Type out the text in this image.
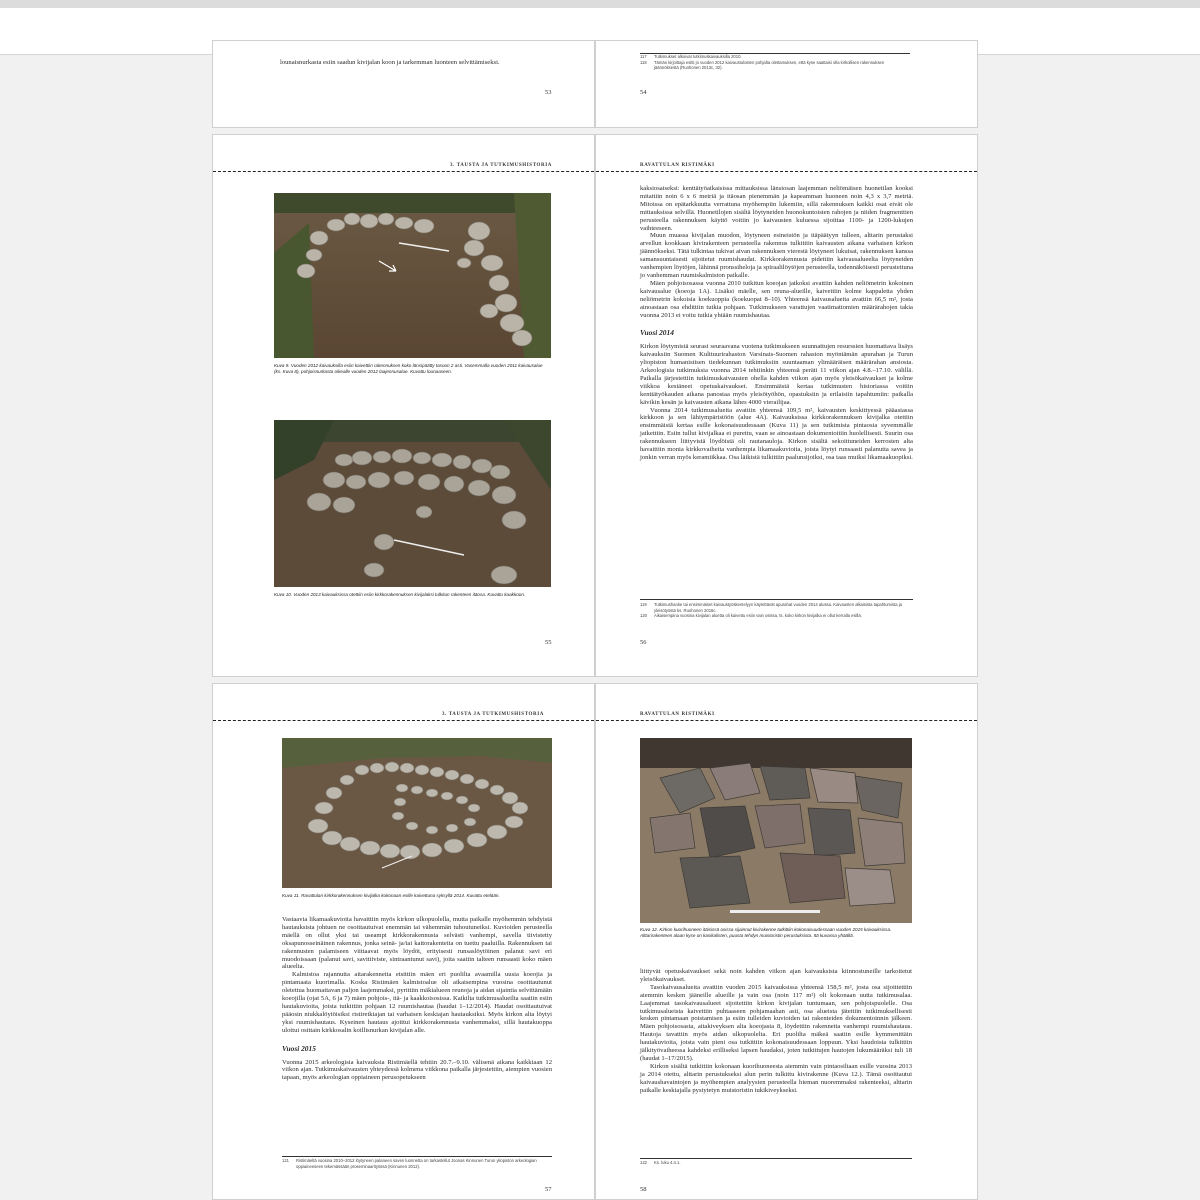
lounaisnurkasta esiin saadun kivijalan koon ja tarkemman luonteen selvittämiseksi.

53
117	Tutkimukset alkoivat tutkimuskaivauksilla 2010.
118	Tämän kirjoittaja esitti jo vuoden 2012 kaivaustulosten pohjalta olettamuksen, että kyse saattaisi olla kirkollisen rakennuksen jäännöksestä (Ruohonen 2013c, 32).
54
3. TAUSTA JA TUTKIMUSHISTORIA
Kuva 9. Vuoden 2012 kaivauksilla esiin kaivettiin rakennuksen koko länsipäätty tasoon 2 asti. Vasemmalla vuoden 2011 kaivausalue (ks. Kuva 8), pohjoisnurkasta oikealle vuoden 2012 laajennusalue. Kuvattu lounaaseen.
Kuva 10. Vuoden 2013 kaivauksissa otettiin esiin kirkkorakennuksen kivijalaksi tulkitun rakenteen itäosa. Kuvattu kaakkoon.
55
RAVATTULAN RISTIMÄKI

kaksiosaiseksi: kenttätyöaikaisissa mittauksissa länsiosan laajemman neliömäisen huonetilan kooksi mitattiin noin 6 x 6 metriä ja itäosan pienemmän ja kapeamman huoneen noin 4,3 x 3,7 metriä. Mitoissa on epätarkkuutta verrattuna myöhempiin lukemiin, sillä rakennuksen kaikki osat eivät ole mittauksissa selvillä. Huonetilojen sisältä löytyneiden huonokuntoisten rahojen ja niiden fragmenttien perusteella rakennuksen käyttö voitiin jo kaivausten kuluessa sijoittaa 1100- ja 1200-lukujen vaihteeseen.

Muun muassa kivijalan muodon, löytyneen esineistön ja itäpäätyyn tulleen, alttarin perustaksi arvellun kookkaan kivirakenteen perusteella rakennus tulkittiin kaivausten aikana varhaisen kirkon jäännökseksi. Tätä tulkintaa tukivat aivan rakennuksen vierestä löytyneet lukuisat, rakennuksen kanssa samansuuntaisesti sijoitetut ruumishaudat. Kirkkorakennusta pidettiin kaivausalueelta löytyneiden vanhempien löytöjen, lähinnä pronssiheloja ja spiraalilöytöjen perusteella, todennäköisesti perustettuna jo vanhemman ruumiskalmiston paikalle.

Mäen pohjoisosassa vuonna 2010 tutkitun koeojan jatkoksi avattiin kahden neliömetrin kokoinen kaivausalue (koeoja 1A). Lisäksi mäelle, sen reuna-alueille, kaivettiin kolme kappaletta yhden neliömetrin kokoisia koekuoppia (koekuopat 8–10). Yhteensä kaivausalueita avattiin 66,5 m², josta ainoastaan osa ehdittiin tutkia pohjaan. Tutkimukseen varattujen vaatimattomien määrärahojen takia vuonna 2013 ei voitu tutkia yhtään ruumishautaa.

Vuosi 2014

Kirkon löytymistä seurasi seuraavana vuotena tutkimukseen suunnattujen resurssien huomattava lisäys kaivauksiin Suomen Kulttuurirahaston Varsinais-Suomen rahaston myöntämän apurahan ja Turun yliopiston humanistisen tiedekunnan tutkimuksiin suuntaaman ylimääräisen määrärahan ansiosta. Arkeologisia tutkimuksia vuonna 2014 tehtiinkin yhteensä peräti 11 viikon ajan 4.8.–17.10. välillä. Paikalla järjestettiin tutkimuskaivausten ohella kahden viikon ajan myös yleisökaivaukset ja kolme viikkoa kestäneet opetuskaivaukset. Ensimmäistä kertaa tutkimusten historiassa voitiin kenttätyökauden aikana panostaa myös yleisötyöhön, opastuksiin ja erilaisiin tapahtumiin: paikalla kävikin kesän ja kaivausten aikana lähes 4000 vierailijaa.

Vuonna 2014 tutkimusalueita avattiin yhteensä 109,5 m², kaivausten keskittyessä pääasiassa kirkkoon ja sen lähiympäristöön (alue 4A). Kaivauksissa kirkkorakennuksen kivijalka otettiin ensimmäistä kertaa esille kokonaisuudessaan (Kuva 11) ja sen tutkimista pintaosia syvemmälle jatkettiin. Esiin tullut kivijalkaa ei purettu, vaan se ainoastaan dokumentoitiin huolellisesti. Suurin osa rakennukseen liittyvistä löydöistä oli rautanauloja. Kirkon sisältä sekoittuneiden kerrosten alta havaittiin monia kirkkovaiheita vanhempia likamaakuvioita, joista löytyi runsaasti palanutta savea ja jonkin verran myös keramiikkaa. Osa läikistä tulkittiin paalunsijoiksi, osa taas muiksi likamaakuopiksi.

119	Tutkimushanke tai ensimmäiset kaivaustyöskentelyyn käytettävät apurahat vuoden 2014 alussa. Kaivausten alkaisista tapahtumista ja yleisötyöstä ks. Ruohonen 2016c.
120	Aikaisempina vuosina kivijalan aluetta oli kaivettu esiin vain osissa, ts. koko kirkon kivijalka ei ollut kerralla esillä.
56
3. TAUSTA JA TUTKIMUSHISTORIA
Kuva 11. Ravattulan kirkkorakennuksen kivijalka kokonaan esille kaivettuna syksyllä 2014. Kuvattu etelään.

Vastaavia likamaakuvioita havaittiin myös kirkon ulkopuolella, mutta paikalle myöhemmin tehdyistä hautauksista johtuen ne osoittautuivat enemmän tai vähemmän tuhoutuneiksi. Kuvioiden perusteella mäellä on ollut yksi tai useampi kirkkorakennusta selvästi vanhempi, savella tiivistetty oksapunosseinäinen rakennus, jonka seinä- ja/tai kattorakenteita on tuettu paaluilla. Rakennuksen tai rakennusten palamiseen viittaavat myös löydöt, erityisesti runsaslöytöinen palanut savi eri muodoissaan (palanut savi, savitiiviste, sintraantunut savi), joita saatiin talteen runsaasti koko mäen alueelta.

Kalmistoa rajannutta aitarakennetta etsittiin mäen eri puolilta avaamilla uusia koeojia ja pintamaata kuorimalla. Koska Ristimäen kalmistoalue oli aikaisempina vuosina osoittautunut oletettua huomattavan paljon laajemmaksi, pyrittiin mäkialueen reunoja ja aidan sijaintia selvittämään koeojilla (ojat 5A, 6 ja 7) mäen pohjois-, itä- ja kaakkoisosissa. Kaikilta tutkimusalueilta saatiin esiin hautakuvioita, joista tutkittiin pohjaan 12 ruumishautaa (haudat 1–12/2014). Haudat osoittautuivat pääosin niukkalöytöisiksi ristiretkiajan tai varhaisen keskiajan hautauksiksi. Myös kirkon alta löytyi yksi ruumishautaus. Kyseinen hautaus ajoittui kirkkorakennusta vanhemmaksi, sillä hautakuoppa ulottui osittain kirkkosalin koillisnurkan kivijalan alle.

Vuosi 2015

Vuonna 2015 arkeologisia kaivauksia Ristimäellä tehtiin 20.7.–9.10. välisenä aikana kaikkiaan 12 viikon ajan. Tutkimuskaivausten yhteydessä kolmena viikkona paikalla järjestettiin, aiempien vuosien tapaan, myös arkeologian oppiaineen perusopetukseen

121	Ristimäeltä vuosina 2010–2012 löytyneen palaneen saven luonnetta on tarkastellut Joonas Kinnunen Turun yliopiston arkeologian oppiaineeseen tekemässään proseminaarityössä (Kinnunen 2012).
57
RAVATTULAN RISTIMÄKI
Kuva 12. Kirkon kuorihuoneen itäisissä osissa sijainnut kivirakenne tutkittiin kokonaisuudessaan vuoden 2015 kaivauksissa. Alttarirakenteen alaan kyse on kasikalisten, puusta tehdyn muistoristin perustuksista. Itä kuvassa yhäällä.

liittyvät opetuskaivaukset sekä noin kahden viikon ajan kaivauksista kiinnostuneille tarkoitetut yleisökaivaukset.

Tasokaivausalueita avattiin vuoden 2015 kaivauksissa yhteensä 158,5 m², josta osa sijoittettiin aiemmin kesken jääneille alueille ja vain osa (noin 117 m²) oli kokonaan uutta tutkimusalaa. Laajemmat tasokaivausalueet sijoitettiin kirkon kivijalan tuntumaan, sen pohjoispuolelle. Osa tutkimusalueista kaivettiin puhtaaseen pohjamaahan asti, osa alueista jätettiin tutkimuksellisesti kesken pintamaan poistamisen ja esiin tulleiden kuvioiden tai rakenteiden dokumentoinnin jälkeen. Mäen pohjoisosasta, aitakiveyksen alta koeojasta 8, löydettiin rakennetta vanhempi ruumishautaus. Hautoja tavattiin myös aidan ulkopuolelta. Eri puolilta mäkeä saatiin esille kymmenittäin hautakuvioita, joista vain pieni osa tutkittiin kokonaisuudessaan loppuun. Yksi haudoista tulkittiin jälkityövaiheessa kahdeksi erilliseksi lapsen haudaksi, joten tutkittujen hautojen lukumääräksi tuli 18 (haudat 1–17/2015).

Kirkon sisältä tutkittiin kokonaan kuorihuoneesta aiemmin vain pintaosiltaan esille vuosina 2013 ja 2014 otettu, alttarin perustukseksi alun perin tulkittu kivirakenne (Kuva 12.). Tämä osoittautui kaivaushavaintojen ja myöhempien analyysien perusteella hieman nuoremmaksi rakenteeksi, alttarin paikalle keskiajalla pystytetyn muistoristin tukikiveykseksi.

122	Ks. luku 4.4.1.
58
